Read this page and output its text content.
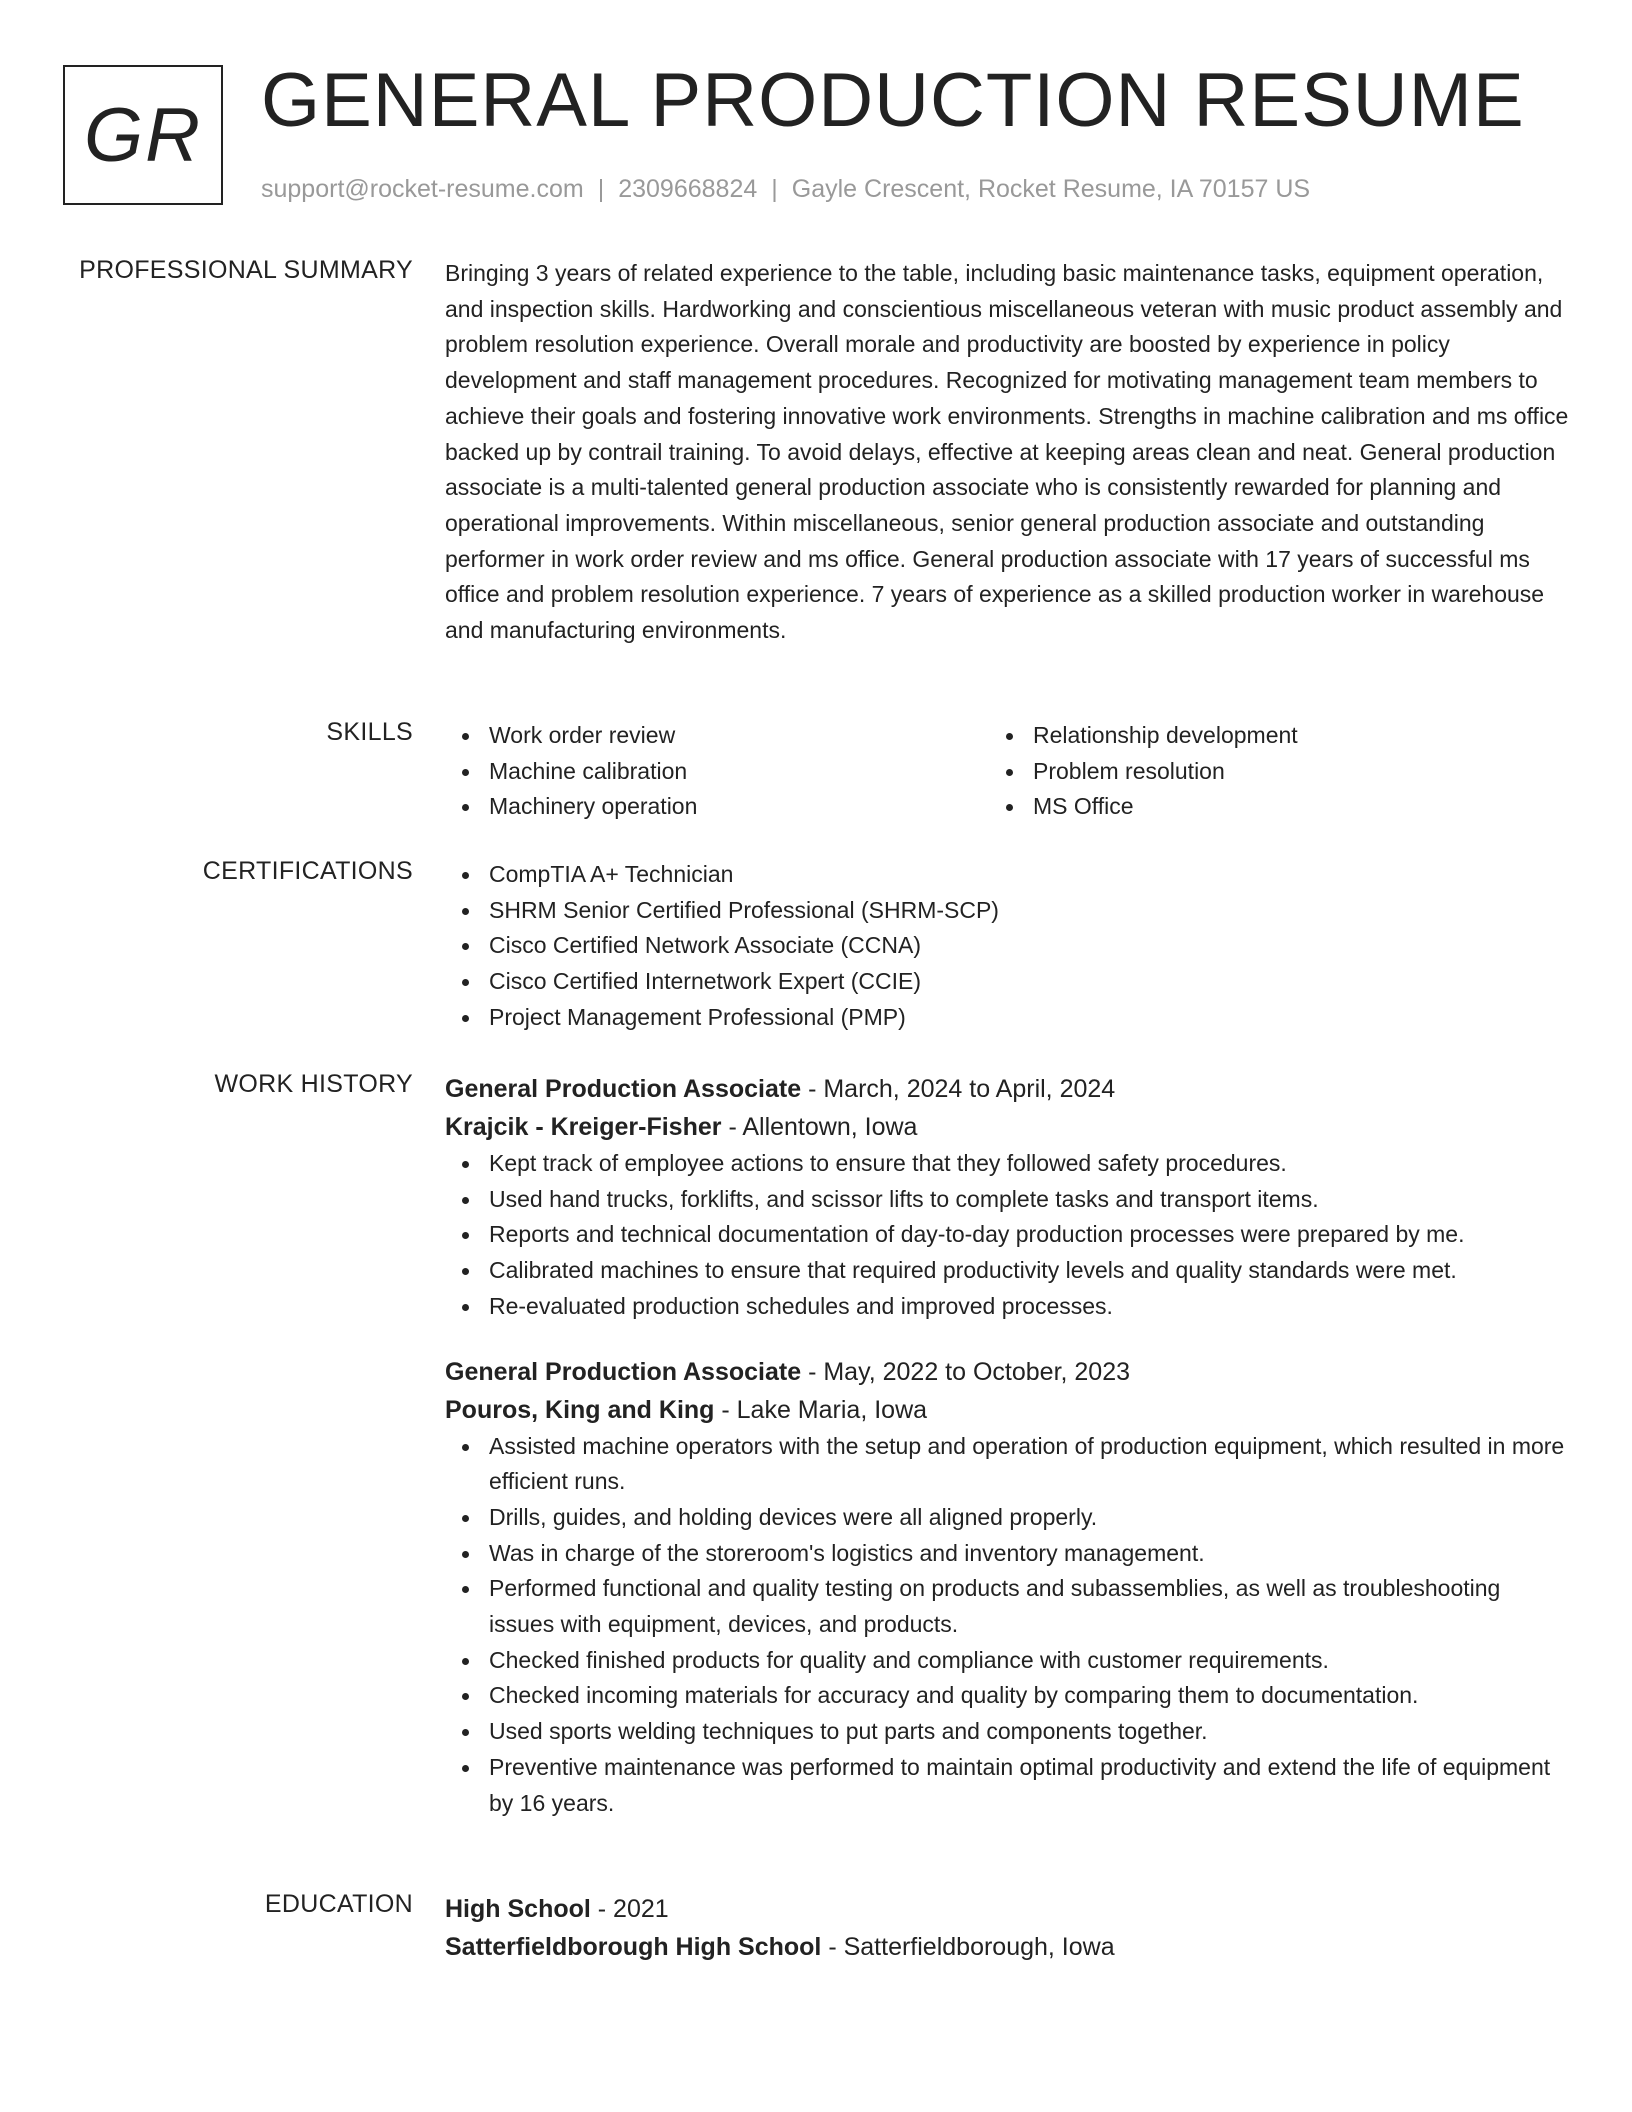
GR GENERAL PRODUCTION RESUME
support@rocket-resume.com | 2309668824 | Gayle Crescent, Rocket Resume, IA 70157 US
PROFESSIONAL SUMMARY Bringing 3 years of related experience to the table, including basic maintenance tasks, equipment operation, and inspection skills. Hardworking and conscientious miscellaneous veteran with music product assembly and problem resolution experience. Overall morale and productivity are boosted by experience in policy development and staff management procedures. Recognized for motivating management team members to achieve their goals and fostering innovative work environments. Strengths in machine calibration and ms office backed up by contrail training. To avoid delays, effective at keeping areas clean and neat. General production associate is a multi-talented general production associate who is consistently rewarded for planning and operational improvements. Within miscellaneous, senior general production associate and outstanding performer in work order review and ms office. General production associate with 17 years of successful ms office and problem resolution experience. 7 years of experience as a skilled production worker in warehouse and manufacturing environments.

SKILLS	Work order review
Machine calibration
Machinery operation
Relationship development
Problem resolution
MS Office
CERTIFICATIONS	CompTIA A+ Technician
SHRM Senior Certified Professional (SHRM-SCP)
Cisco Certified Network Associate (CCNA)
Cisco Certified Internetwork Expert (CCIE)
Project Management Professional (PMP)
WORK HISTORY General Production Associate - March, 2024 to April, 2024
Krajcik - Kreiger-Fisher - Allentown, Iowa
Kept track of employee actions to ensure that they followed safety procedures.
Used hand trucks, forklifts, and scissor lifts to complete tasks and transport items.
Reports and technical documentation of day-to-day production processes were prepared by me.
Calibrated machines to ensure that required productivity levels and quality standards were met.
Re-evaluated production schedules and improved processes.
General Production Associate - May, 2022 to October, 2023
Pouros, King and King - Lake Maria, Iowa
Assisted machine operators with the setup and operation of production equipment, which resulted in more efficient runs.
Drills, guides, and holding devices were all aligned properly.
Was in charge of the storeroom's logistics and inventory management.
Performed functional and quality testing on products and subassemblies, as well as troubleshooting issues with equipment, devices, and products.
Checked finished products for quality and compliance with customer requirements.
Checked incoming materials for accuracy and quality by comparing them to documentation.
Used sports welding techniques to put parts and components together.
Preventive maintenance was performed to maintain optimal productivity and extend the life of equipment by 16 years.
EDUCATION High School - 2021
Satterfieldborough High School - Satterfieldborough, Iowa
